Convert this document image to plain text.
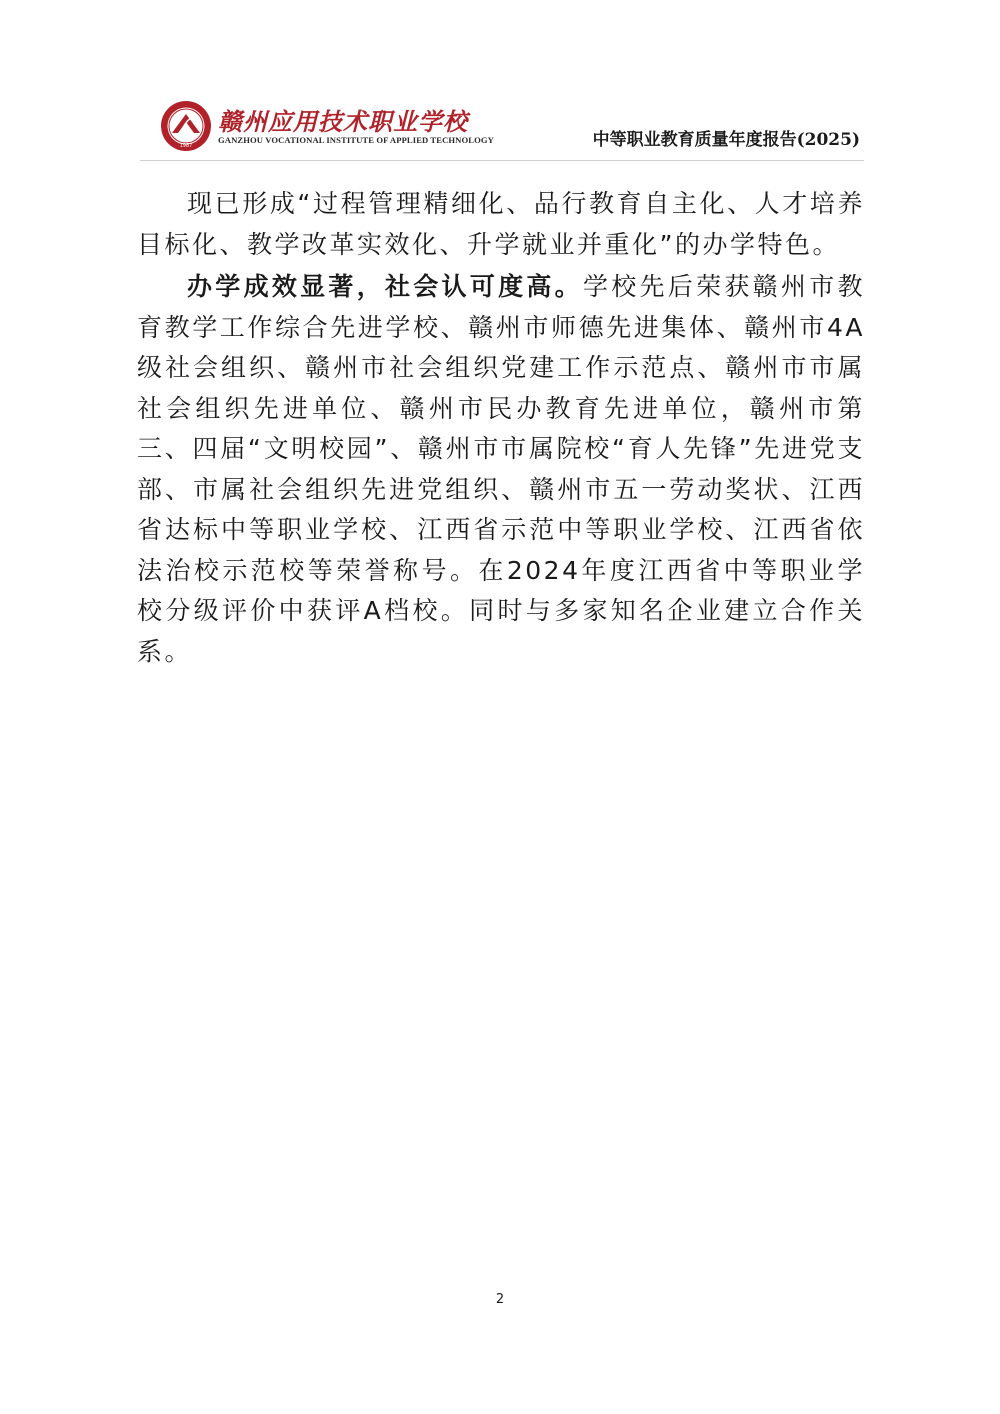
1987
赣州应用技术职业学校
GANZHOU VOCATIONAL INSTITUTE OF APPLIED TECHNOLOGY	中等职业教育质量年度报告(2025)

现已形成“过程管理精细化、品行教育自主化、人才培养目标化、教学改革实效化、升学就业并重化”的办学特色。

办学成效显著，社会认可度高。学校先后荣获赣州市教育教学工作综合先进学校、赣州市师德先进集体、赣州市4A级社会组织、赣州市社会组织党建工作示范点、赣州市市属社会组织先进单位、赣州市民办教育先进单位，赣州市第三、四届“文明校园”、赣州市市属院校“育人先锋”先进党支部、市属社会组织先进党组织、赣州市五一劳动奖状、江西省达标中等职业学校、江西省示范中等职业学校、江西省依法治校示范校等荣誉称号。在2024年度江西省中等职业学校分级评价中获评A档校。同时与多家知名企业建立合作关系。

2
